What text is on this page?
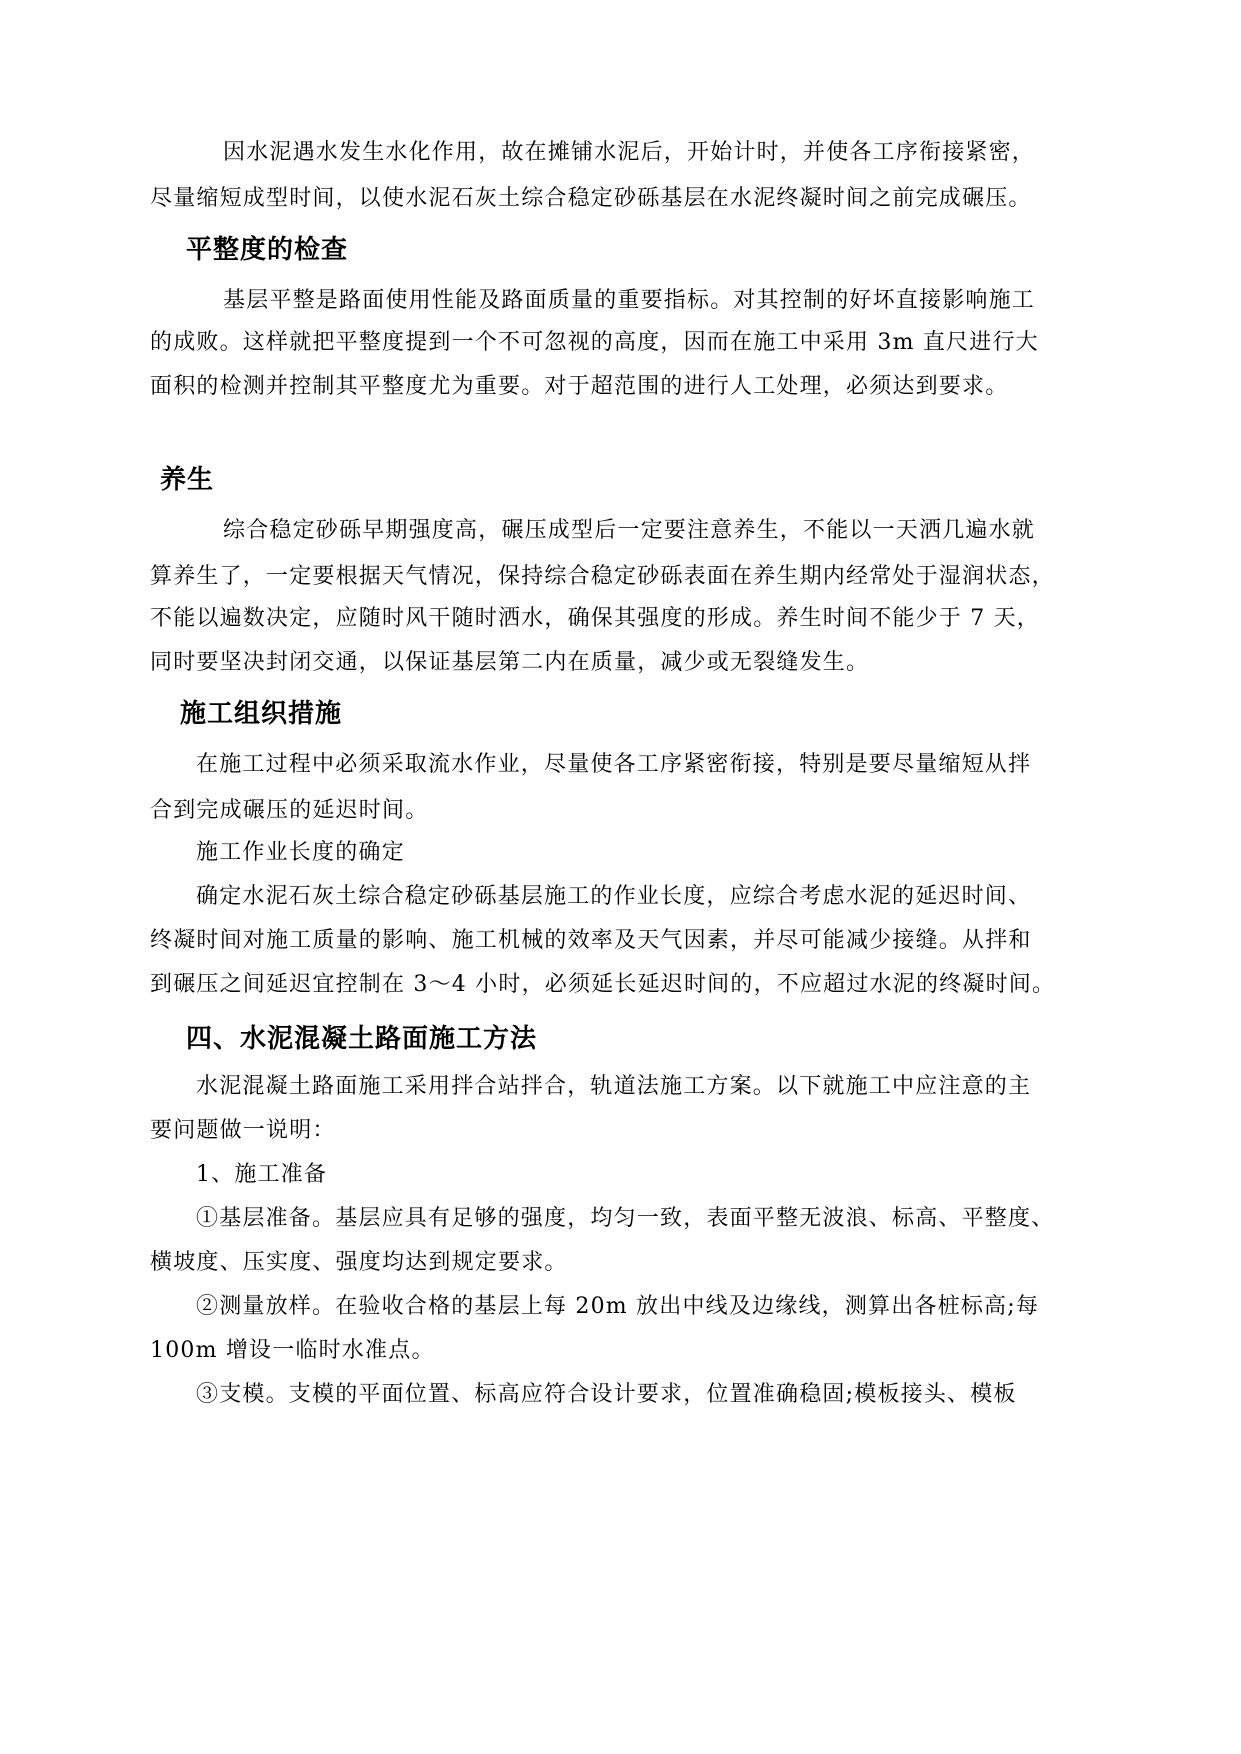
因水泥遇水发生水化作用，故在摊铺水泥后，开始计时，并使各工序衔接紧密，
尽量缩短成型时间，以使水泥石灰土综合稳定砂砾基层在水泥终凝时间之前完成碾压。
平整度的检查
基层平整是路面使用性能及路面质量的重要指标。对其控制的好坏直接影响施工
的成败。这样就把平整度提到一个不可忽视的高度，因而在施工中采用 3m 直尺进行大
面积的检测并控制其平整度尤为重要。对于超范围的进行人工处理，必须达到要求。
养生
综合稳定砂砾早期强度高，碾压成型后一定要注意养生，不能以一天洒几遍水就
算养生了，一定要根据天气情况，保持综合稳定砂砾表面在养生期内经常处于湿润状态，
不能以遍数决定，应随时风干随时洒水，确保其强度的形成。养生时间不能少于 7 天，
同时要坚决封闭交通，以保证基层第二内在质量，减少或无裂缝发生。
施工组织措施
在施工过程中必须采取流水作业，尽量使各工序紧密衔接，特别是要尽量缩短从拌
合到完成碾压的延迟时间。
施工作业长度的确定
确定水泥石灰土综合稳定砂砾基层施工的作业长度，应综合考虑水泥的延迟时间、
终凝时间对施工质量的影响、施工机械的效率及天气因素，并尽可能减少接缝。从拌和
到碾压之间延迟宜控制在 3～4 小时，必须延长延迟时间的，不应超过水泥的终凝时间。
四、水泥混凝土路面施工方法
水泥混凝土路面施工采用拌合站拌合，轨道法施工方案。以下就施工中应注意的主
要问题做一说明：
1、施工准备
①基层准备。基层应具有足够的强度，均匀一致，表面平整无波浪、标高、平整度、
横坡度、压实度、强度均达到规定要求。
②测量放样。在验收合格的基层上每 20m 放出中线及边缘线，测算出各桩标高;每
100m 增设一临时水准点。
③支模。支模的平面位置、标高应符合设计要求，位置准确稳固;模板接头、模板
